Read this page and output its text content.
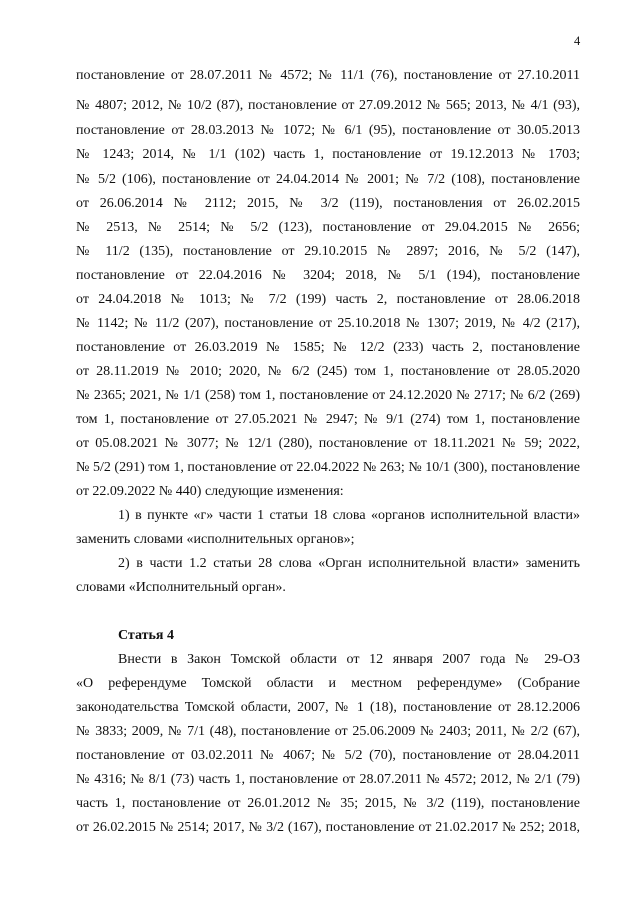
4
постановление от 28.07.2011 № 4572; № 11/1 (76), постановление от 27.10.2011
№ 4807; 2012, № 10/2 (87), постановление от 27.09.2012 № 565; 2013, № 4/1 (93),
постановление от 28.03.2013 № 1072; № 6/1 (95), постановление от 30.05.2013
№ 1243; 2014, № 1/1 (102) часть 1, постановление от 19.12.2013 № 1703;
№ 5/2 (106), постановление от 24.04.2014 № 2001; № 7/2 (108), постановление
от 26.06.2014 № 2112; 2015, № 3/2 (119), постановления от 26.02.2015
№ 2513, № 2514; № 5/2 (123), постановление от 29.04.2015 № 2656;
№ 11/2 (135), постановление от 29.10.2015 № 2897; 2016, № 5/2 (147),
постановление от 22.04.2016 № 3204; 2018, № 5/1 (194), постановление
от 24.04.2018 № 1013; № 7/2 (199) часть 2, постановление от 28.06.2018
№ 1142; № 11/2 (207), постановление от 25.10.2018 № 1307; 2019, № 4/2 (217),
постановление от 26.03.2019 № 1585; № 12/2 (233) часть 2, постановление
от 28.11.2019 № 2010; 2020, № 6/2 (245) том 1, постановление от 28.05.2020
№ 2365; 2021, № 1/1 (258) том 1, постановление от 24.12.2020 № 2717; № 6/2 (269)
том 1, постановление от 27.05.2021 № 2947; № 9/1 (274) том 1, постановление
от 05.08.2021 № 3077; № 12/1 (280), постановление от 18.11.2021 № 59; 2022,
№ 5/2 (291) том 1, постановление от 22.04.2022 № 263; № 10/1 (300), постановление
от 22.09.2022 № 440) следующие изменения:
1) в пункте «г» части 1 статьи 18 слова «органов исполнительной власти»
заменить словами «исполнительных органов»;
2) в части 1.2 статьи 28 слова «Орган исполнительной власти» заменить
словами «Исполнительный орган».
Статья 4
Внести в Закон Томской области от 12 января 2007 года № 29-ОЗ
«О референдуме Томской области и местном референдуме» (Собрание
законодательства Томской области, 2007, № 1 (18), постановление от 28.12.2006
№ 3833; 2009, № 7/1 (48), постановление от 25.06.2009 № 2403; 2011, № 2/2 (67),
постановление от 03.02.2011 № 4067; № 5/2 (70), постановление от 28.04.2011
№ 4316; № 8/1 (73) часть 1, постановление от 28.07.2011 № 4572; 2012, № 2/1 (79)
часть 1, постановление от 26.01.2012 № 35; 2015, № 3/2 (119), постановление
от 26.02.2015 № 2514; 2017, № 3/2 (167), постановление от 21.02.2017 № 252; 2018,
